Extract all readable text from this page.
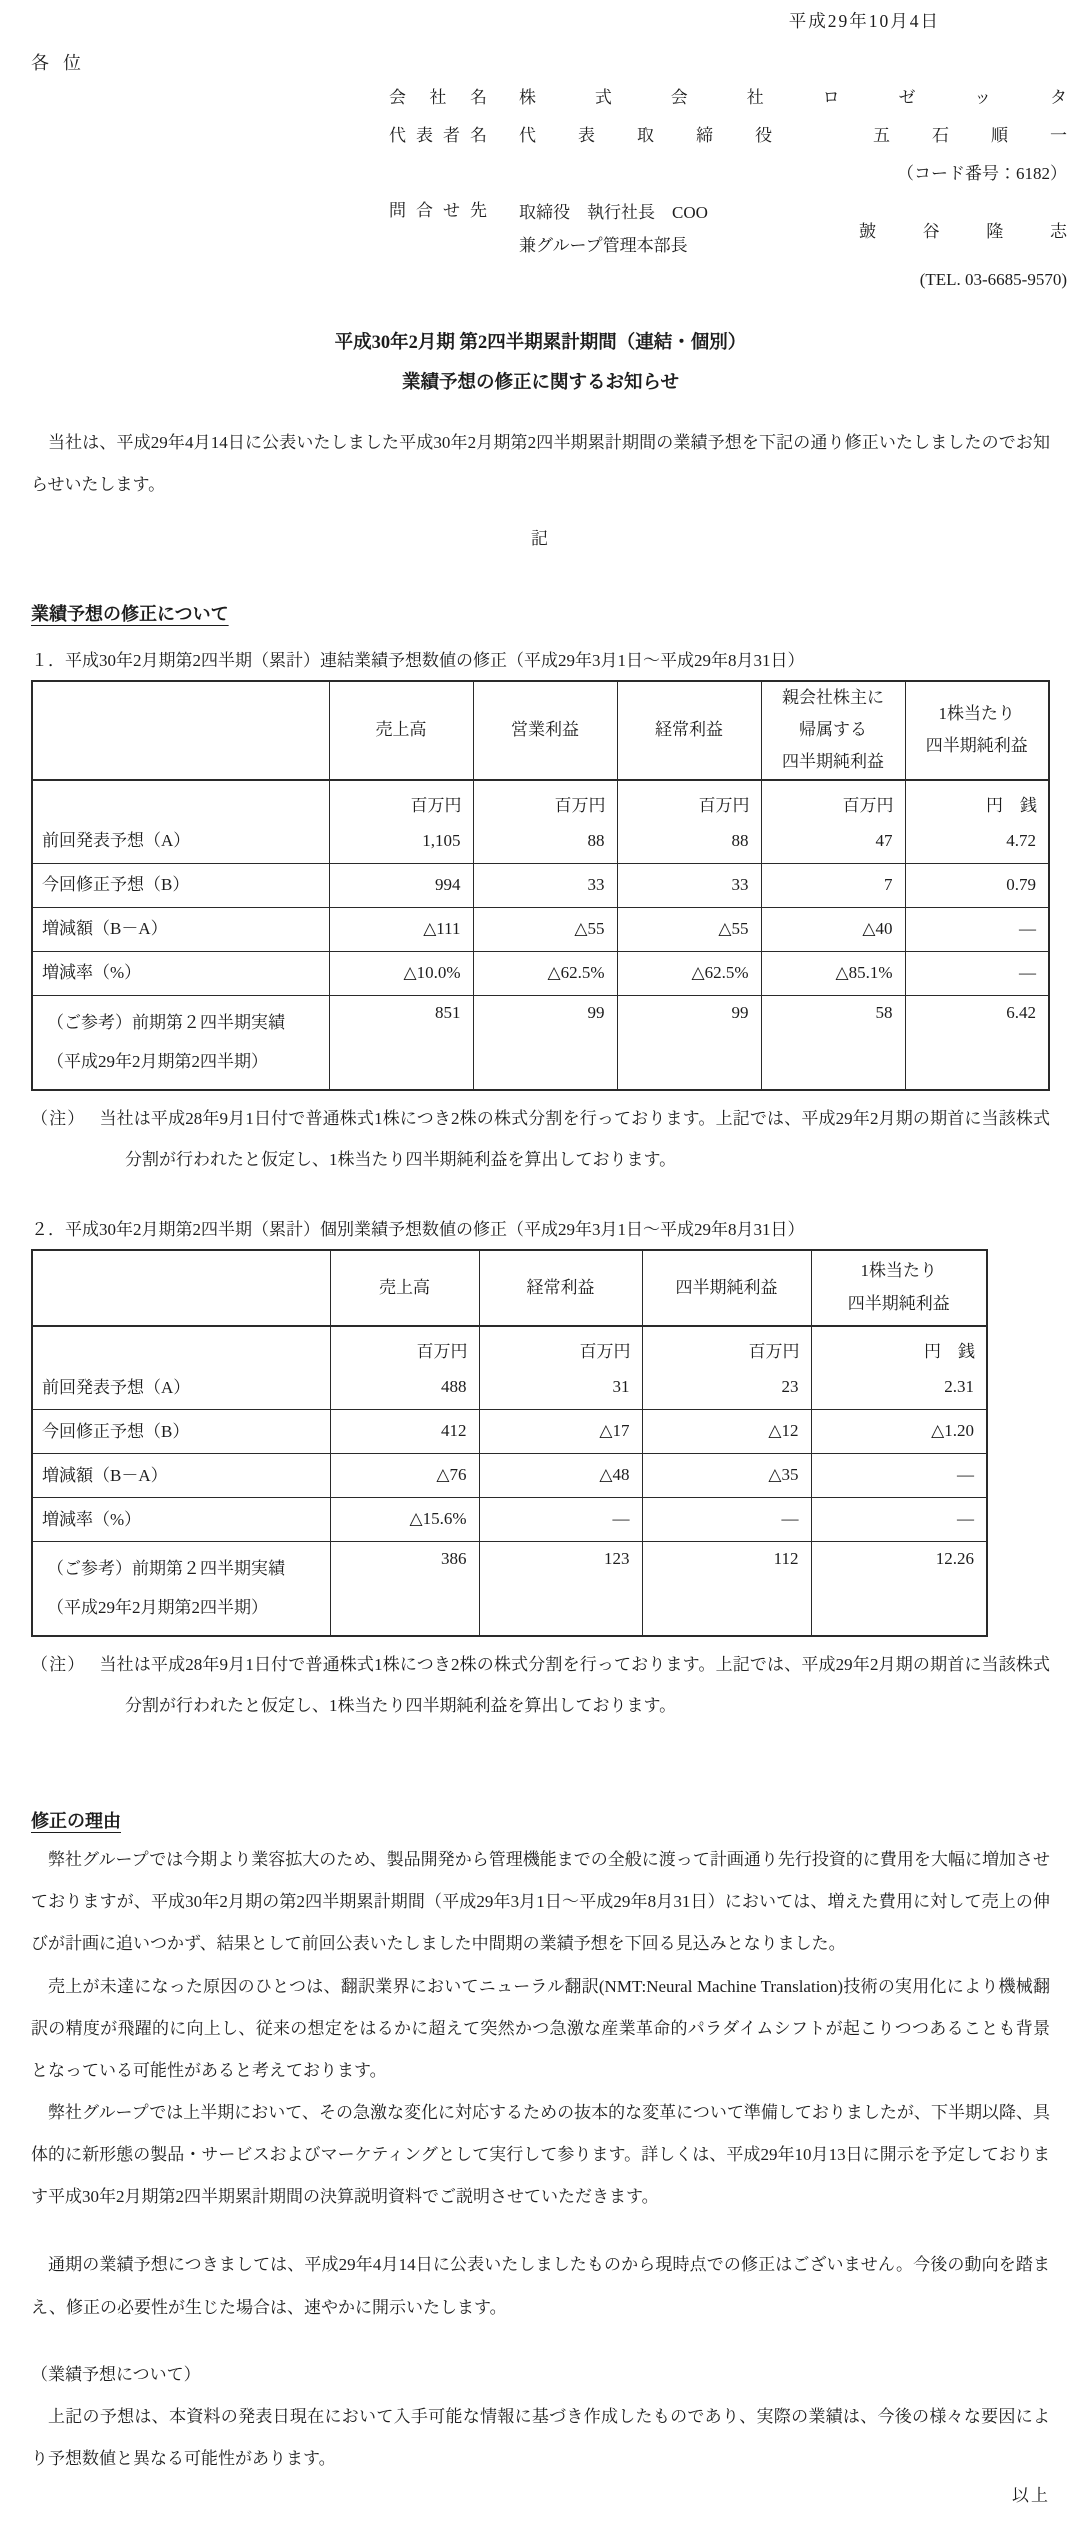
平成29年10月4日
各位
会社名 株式会社ロゼッタ
代表者名 代表取締役　五石順一
（コード番号：6182）
問合せ先 取締役　執行社長　COO
兼グループ管理本部長
皷谷隆志
(TEL. 03-6685-9570)
平成30年2月期 第2四半期累計期間（連結・個別）
業績予想の修正に関するお知らせ

当社は、平成29年4月14日に公表いたしました平成30年2月期第2四半期累計期間の業績予想を下記の通り修正いたしましたのでお知らせいたします。

記
業績予想の修正について
１．平成30年2月期第2四半期（累計）連結業績予想数値の修正（平成29年3月1日～平成29年8月31日）
	売上高	営業利益	経常利益	親会社株主に
帰属する
四半期純利益	1株当たり
四半期純利益
	百万円	百万円	百万円	百万円	円　銭
前回発表予想（A）	1,105	88	88	47	4.72
今回修正予想（B）	994	33	33	7	0.79
増減額（B－A）	△111	△55	△55	△40	―
増減率（%）	△10.0%	△62.5%	△62.5%	△85.1%	―
（ご参考）前期第２四半期実績
（平成29年2月期第2四半期）	851	99	99	58	6.42
（注） 当社は平成28年9月1日付で普通株式1株につき2株の株式分割を行っております。上記では、平成29年2月期の期首に当該株式分割が行われたと仮定し、1株当たり四半期純利益を算出しております。
２．平成30年2月期第2四半期（累計）個別業績予想数値の修正（平成29年3月1日～平成29年8月31日）
	売上高	経常利益	四半期純利益	1株当たり
四半期純利益
	百万円	百万円	百万円	円　銭
前回発表予想（A）	488	31	23	2.31
今回修正予想（B）	412	△17	△12	△1.20
増減額（B－A）	△76	△48	△35	―
増減率（%）	△15.6%	―	―	―
（ご参考）前期第２四半期実績
（平成29年2月期第2四半期）	386	123	112	12.26
（注） 当社は平成28年9月1日付で普通株式1株につき2株の株式分割を行っております。上記では、平成29年2月期の期首に当該株式分割が行われたと仮定し、1株当たり四半期純利益を算出しております。
修正の理由

弊社グループでは今期より業容拡大のため、製品開発から管理機能までの全般に渡って計画通り先行投資的に費用を大幅に増加させておりますが、平成30年2月期の第2四半期累計期間（平成29年3月1日～平成29年8月31日）においては、増えた費用に対して売上の伸びが計画に追いつかず、結果として前回公表いたしました中間期の業績予想を下回る見込みとなりました。

売上が未達になった原因のひとつは、翻訳業界においてニューラル翻訳(NMT:Neural Machine Translation)技術の実用化により機械翻訳の精度が飛躍的に向上し、従来の想定をはるかに超えて突然かつ急激な産業革命的パラダイムシフトが起こりつつあることも背景となっている可能性があると考えております。

弊社グループでは上半期において、その急激な変化に対応するための抜本的な変革について準備しておりましたが、下半期以降、具体的に新形態の製品・サービスおよびマーケティングとして実行して参ります。詳しくは、平成29年10月13日に開示を予定しております平成30年2月期第2四半期累計期間の決算説明資料でご説明させていただきます。

通期の業績予想につきましては、平成29年4月14日に公表いたしましたものから現時点での修正はございません。今後の動向を踏まえ、修正の必要性が生じた場合は、速やかに開示いたします。

（業績予想について）

上記の予想は、本資料の発表日現在において入手可能な情報に基づき作成したものであり、実際の業績は、今後の様々な要因により予想数値と異なる可能性があります。

以上
